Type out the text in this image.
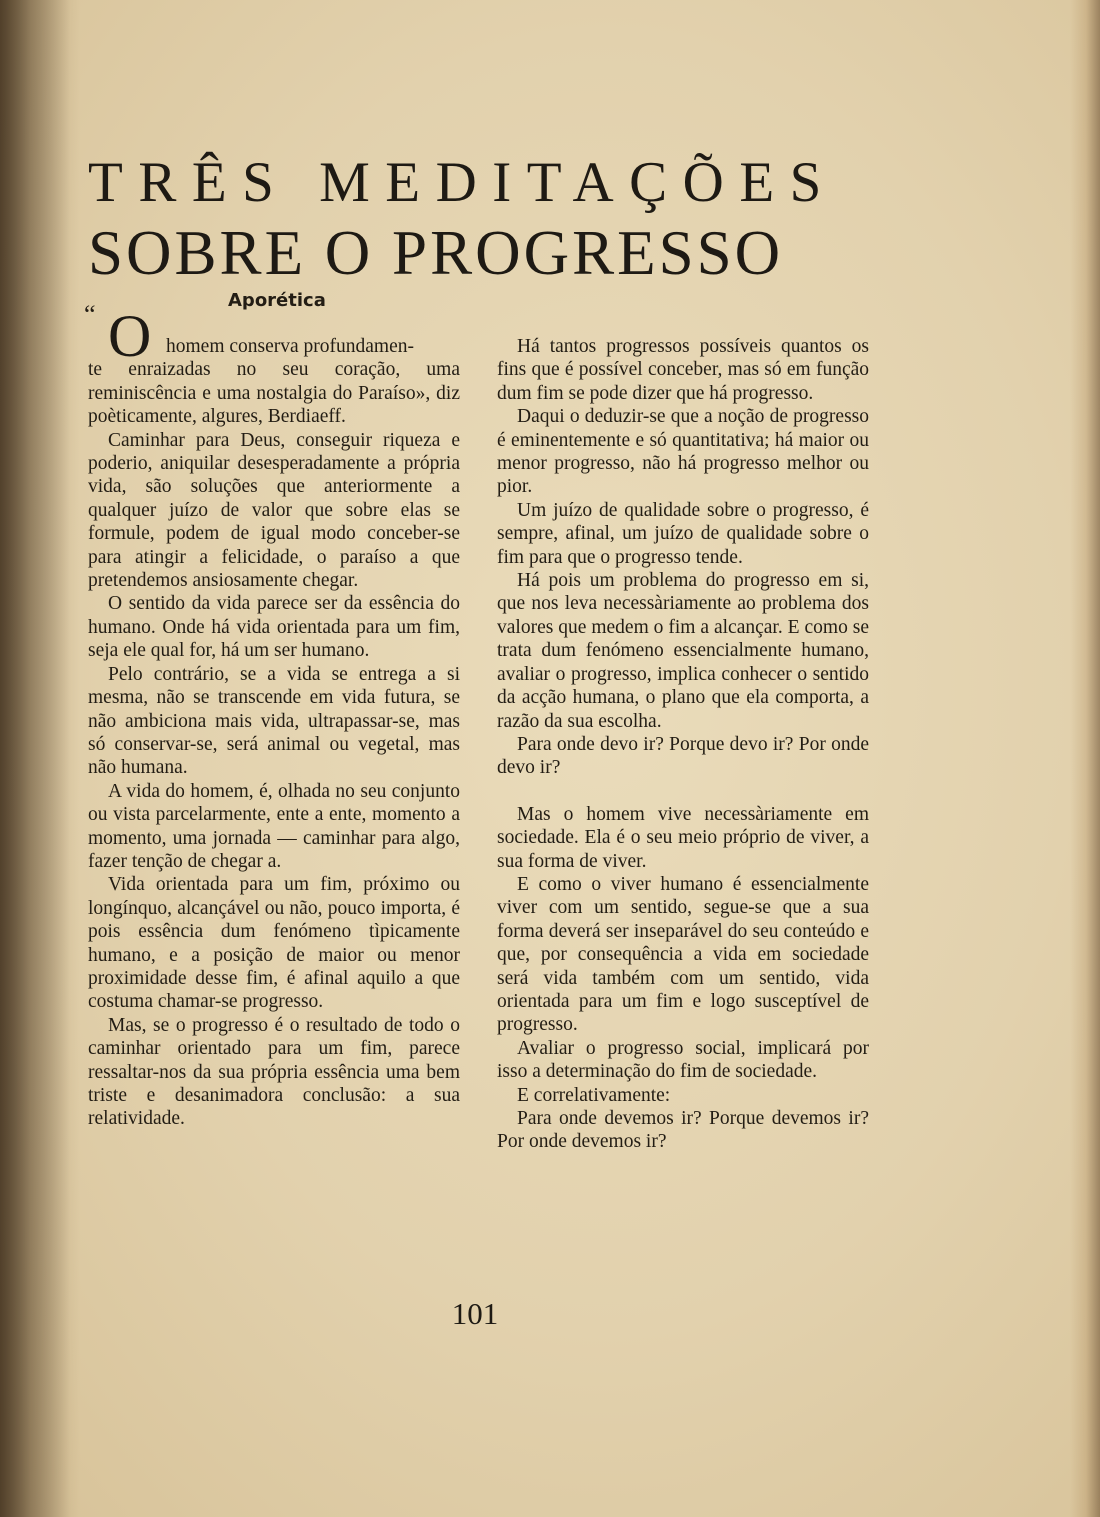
TRÊS MEDITAÇÕES
SOBRE O PROGRESSO
Aporética
“ O homem conserva profundamen-
te enraizadas no seu coração, uma reminiscência e uma nostalgia do Paraíso», diz poèticamente, algures, Berdiaeff.

Caminhar para Deus, conseguir riqueza e poderio, aniquilar desesperadamente a própria vida, são soluções que anteriormente a qualquer juízo de valor que sobre elas se formule, podem de igual modo conceber-se para atingir a felicidade, o paraíso a que pretendemos ansiosamente chegar.

O sentido da vida parece ser da essência do humano. Onde há vida orientada para um fim, seja ele qual for, há um ser humano.

Pelo contrário, se a vida se entrega a si mesma, não se transcende em vida futura, se não ambiciona mais vida, ultrapassar-se, mas só conservar-se, será animal ou vegetal, mas não humana.

A vida do homem, é, olhada no seu conjunto ou vista parcelarmente, ente a ente, momento a momento, uma jornada — caminhar para algo, fazer tenção de chegar a.

Vida orientada para um fim, próximo ou longínquo, alcançável ou não, pouco importa, é pois essência dum fenómeno tìpicamente humano, e a posição de maior ou menor proximidade desse fim, é afinal aquilo a que costuma chamar-se progresso.

Mas, se o progresso é o resultado de todo o caminhar orientado para um fim, parece ressaltar-nos da sua própria essência uma bem triste e desanimadora conclusão: a sua relatividade.

Há tantos progressos possíveis quantos os fins que é possível conceber, mas só em função dum fim se pode dizer que há progresso.

Daqui o deduzir-se que a noção de progresso é eminentemente e só quantitativa; há maior ou menor progresso, não há progresso melhor ou pior.

Um juízo de qualidade sobre o progresso, é sempre, afinal, um juízo de qualidade sobre o fim para que o progresso tende.

Há pois um problema do progresso em si, que nos leva necessàriamente ao problema dos valores que medem o fim a alcançar. E como se trata dum fenómeno essencialmente humano, avaliar o progresso, implica conhecer o sentido da acção humana, o plano que ela comporta, a razão da sua escolha.

Para onde devo ir? Porque devo ir? Por onde devo ir?

Mas o homem vive necessàriamente em sociedade. Ela é o seu meio próprio de viver, a sua forma de viver.

E como o viver humano é essencialmente viver com um sentido, segue-se que a sua forma deverá ser inseparável do seu conteúdo e que, por consequência a vida em sociedade será vida também com um sentido, vida orientada para um fim e logo susceptível de progresso.

Avaliar o progresso social, implicará por isso a determinação do fim de sociedade.

E correlativamente:

Para onde devemos ir? Porque devemos ir? Por onde devemos ir?

101
